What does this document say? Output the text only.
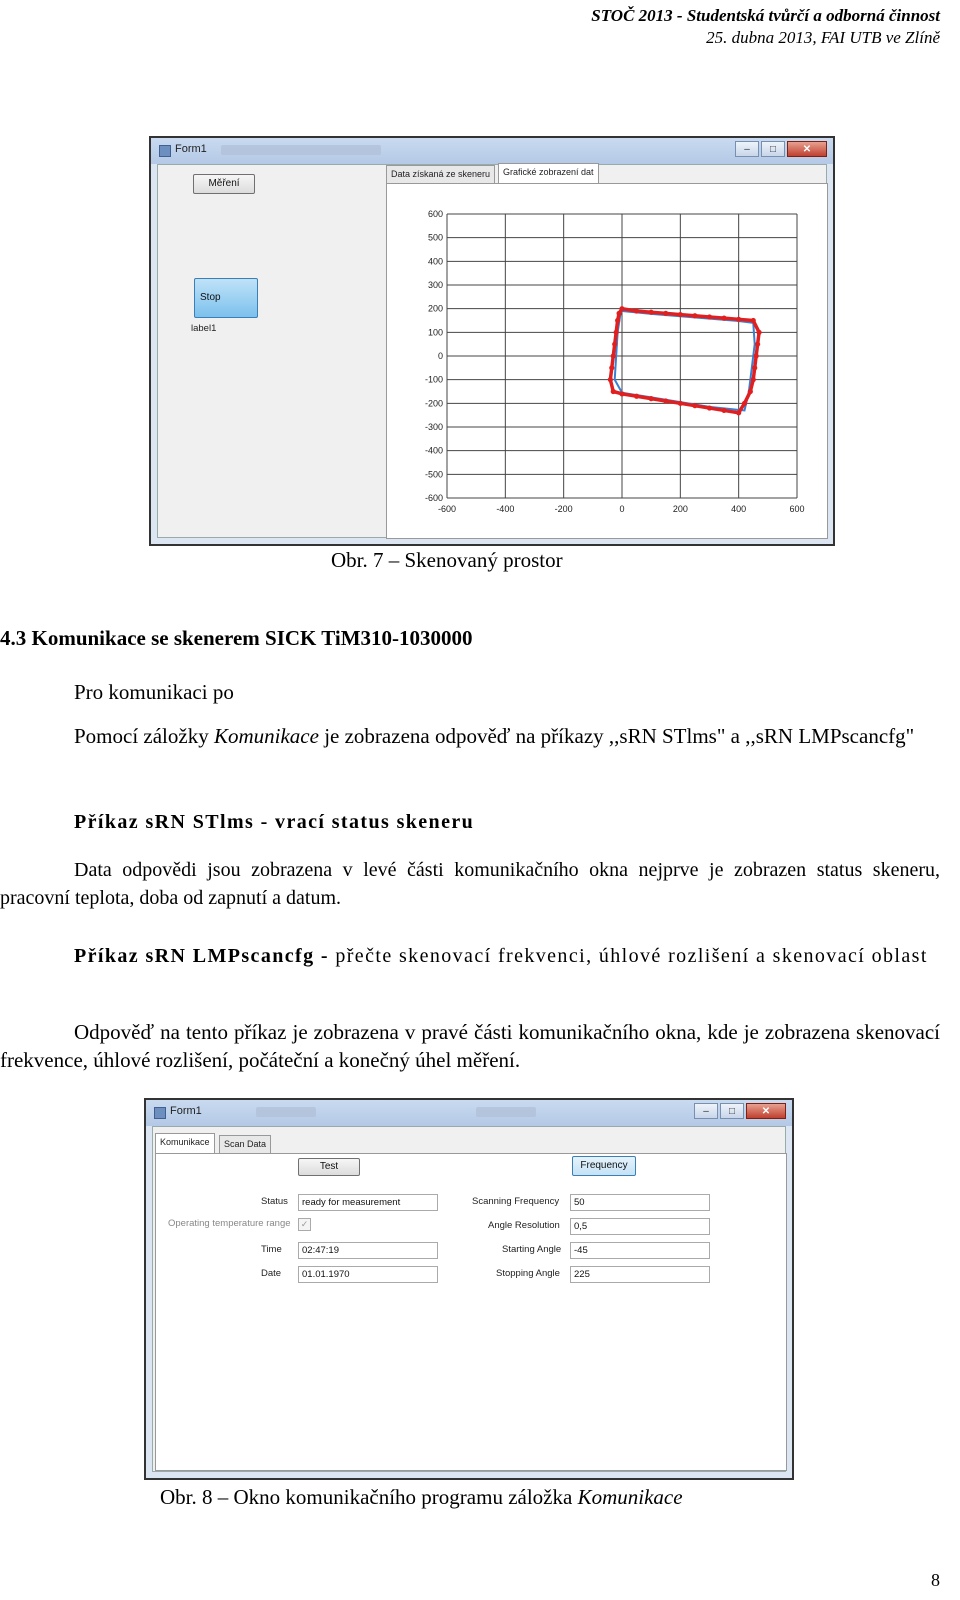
STOČ 2013 - Studentská tvůrčí a odborná činnost
25. dubna 2013, FAI UTB ve Zlíně
Form1	–	□	✕
Měření
Stop
label1
Data získaná ze skeneru	Grafické zobrazení dat
-600	-400	-200	0	200	400	600
600
500
400
300
200
100
0
-100
-200
-300
-400
-500
-600
Obr. 7 – Skenovaný prostor
4.3 Komunikace se skenerem SICK TiM310-1030000
Pro komunikaci po
Pomocí záložky Komunikace je zobrazena odpověď na příkazy ,,sRN STlms" a ,,sRN LMPscancfg"
Příkaz sRN STlms - vrací status skeneru
Data odpovědi jsou zobrazena v levé části komunikačního okna nejprve je zobrazen status skeneru, pracovní teplota, doba od zapnutí a datum.
Příkaz sRN LMPscancfg - přečte skenovací frekvenci, úhlové rozlišení a skenovací oblast
Odpověď na tento příkaz je zobrazena v pravé části komunikačního okna, kde je zobrazena skenovací frekvence, úhlové rozlišení, počáteční a konečný úhel měření.
Form1	–	□	✕
Komunikace	Scan Data
Test	Frequency
Status	ready for measurement
Operating temperature range	✓
Time	02:47:19
Date	01.01.1970
Scanning Frequency	50
Angle Resolution	0,5
Starting Angle	-45
Stopping Angle	225
Obr. 8 – Okno komunikačního programu záložka Komunikace
8
